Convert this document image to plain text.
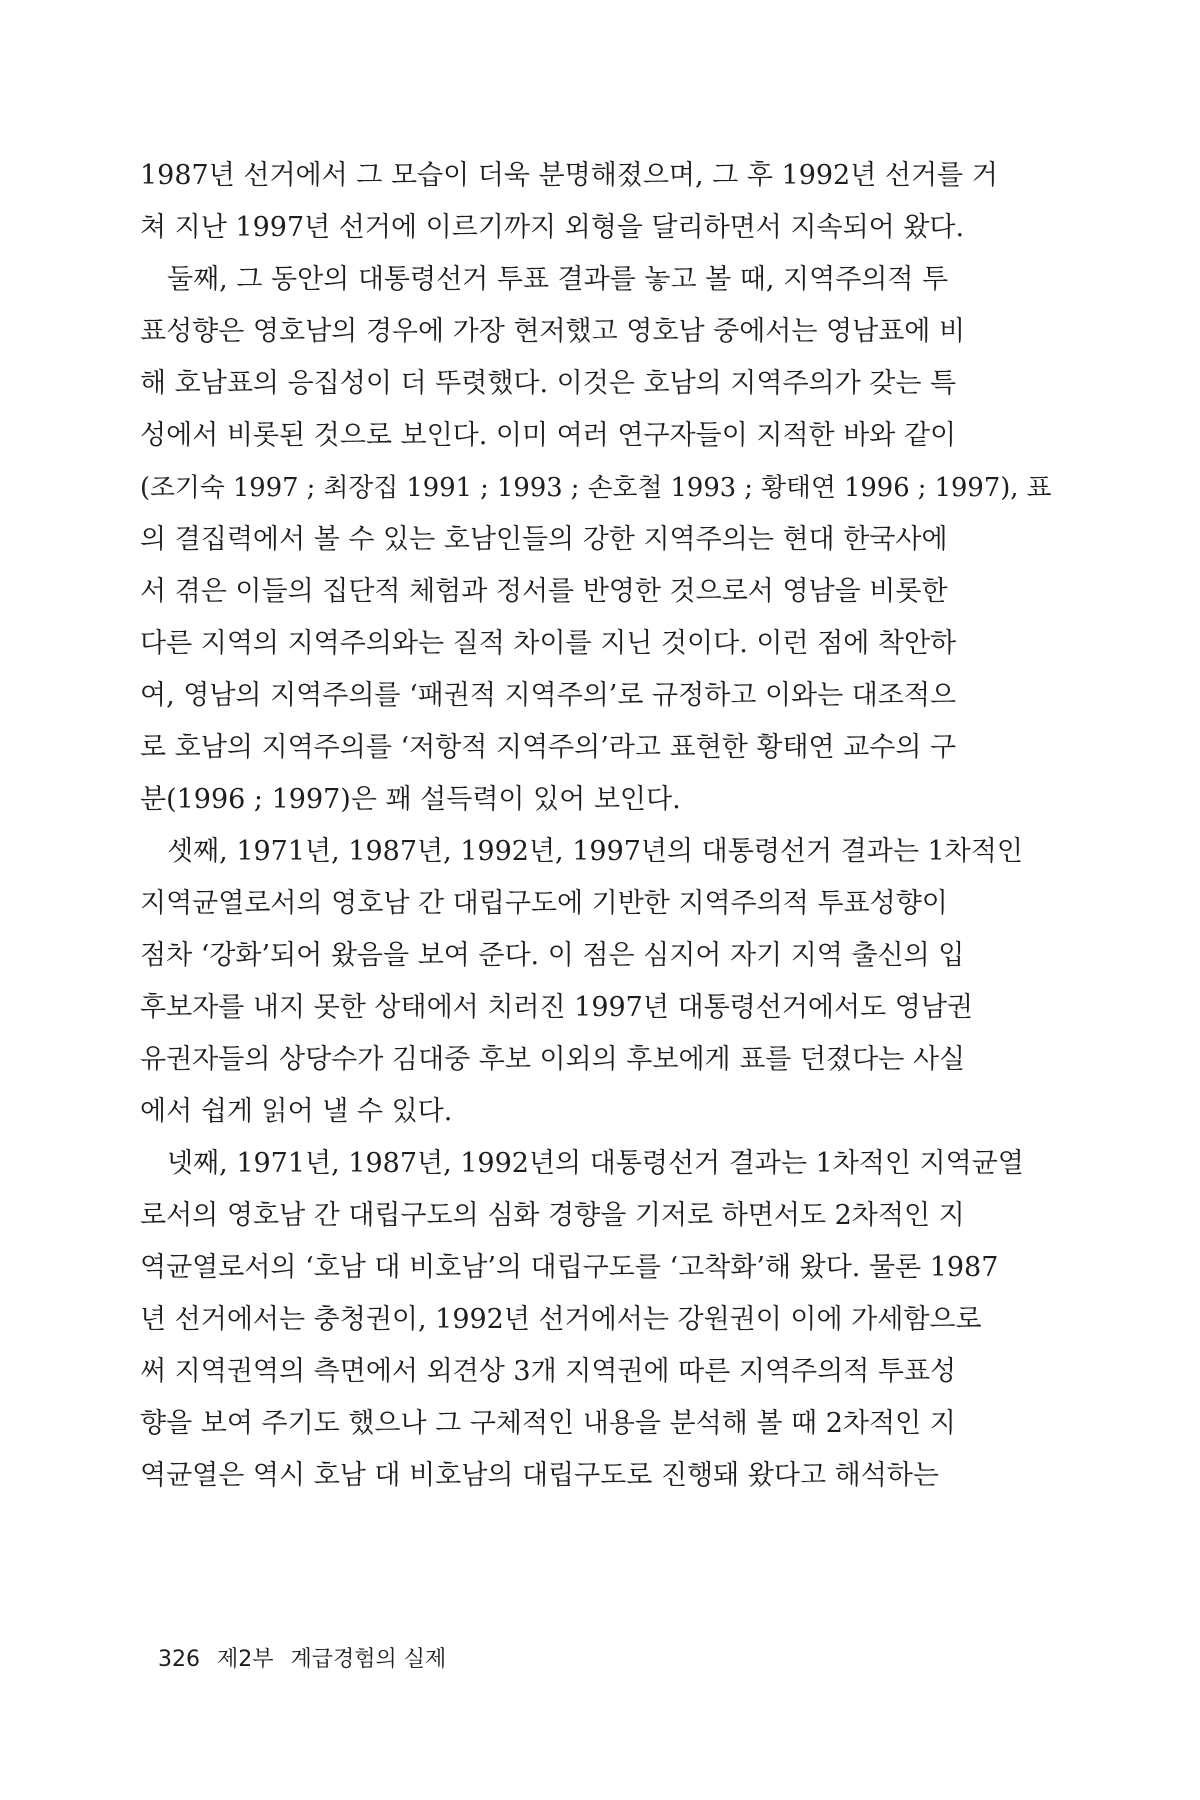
1987년 선거에서 그 모습이 더욱 분명해졌으며, 그 후 1992년 선거를 거
쳐 지난 1997년 선거에 이르기까지 외형을 달리하면서 지속되어 왔다.
　둘째, 그 동안의 대통령선거 투표 결과를 놓고 볼 때, 지역주의적 투
표성향은 영호남의 경우에 가장 현저했고 영호남 중에서는 영남표에 비
해 호남표의 응집성이 더 뚜렷했다. 이것은 호남의 지역주의가 갖는 특
성에서 비롯된 것으로 보인다. 이미 여러 연구자들이 지적한 바와 같이
(조기숙 1997 ; 최장집 1991 ; 1993 ; 손호철 1993 ; 황태연 1996 ; 1997), 표
의 결집력에서 볼 수 있는 호남인들의 강한 지역주의는 현대 한국사에
서 겪은 이들의 집단적 체험과 정서를 반영한 것으로서 영남을 비롯한
다른 지역의 지역주의와는 질적 차이를 지닌 것이다. 이런 점에 착안하
여, 영남의 지역주의를 ‘패권적 지역주의’로 규정하고 이와는 대조적으
로 호남의 지역주의를 ‘저항적 지역주의’라고 표현한 황태연 교수의 구
분(1996 ; 1997)은 꽤 설득력이 있어 보인다.
　셋째, 1971년, 1987년, 1992년, 1997년의 대통령선거 결과는 1차적인
지역균열로서의 영호남 간 대립구도에 기반한 지역주의적 투표성향이
점차 ‘강화’되어 왔음을 보여 준다. 이 점은 심지어 자기 지역 출신의 입
후보자를 내지 못한 상태에서 치러진 1997년 대통령선거에서도 영남권
유권자들의 상당수가 김대중 후보 이외의 후보에게 표를 던졌다는 사실
에서 쉽게 읽어 낼 수 있다.
　넷째, 1971년, 1987년, 1992년의 대통령선거 결과는 1차적인 지역균열
로서의 영호남 간 대립구도의 심화 경향을 기저로 하면서도 2차적인 지
역균열로서의 ‘호남 대 비호남’의 대립구도를 ‘고착화’해 왔다. 물론 1987
년 선거에서는 충청권이, 1992년 선거에서는 강원권이 이에 가세함으로
써 지역권역의 측면에서 외견상 3개 지역권에 따른 지역주의적 투표성
향을 보여 주기도 했으나 그 구체적인 내용을 분석해 볼 때 2차적인 지
역균열은 역시 호남 대 비호남의 대립구도로 진행돼 왔다고 해석하는
326 제2부 계급경험의 실제
